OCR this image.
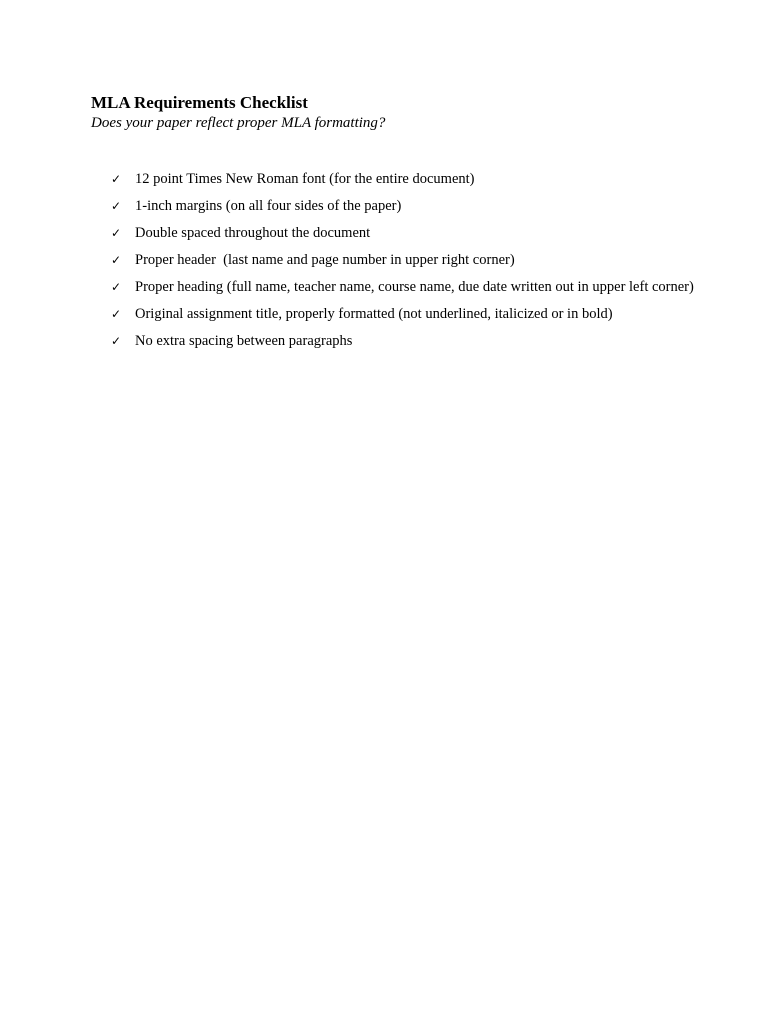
MLA Requirements Checklist
Does your paper reflect proper MLA formatting?
✓ 12 point Times New Roman font (for the entire document)
✓ 1-inch margins (on all four sides of the paper)
✓ Double spaced throughout the document
✓ Proper header  (last name and page number in upper right corner)
✓ Proper heading (full name, teacher name, course name, due date written out in upper left corner)
✓ Original assignment title, properly formatted (not underlined, italicized or in bold)
✓ No extra spacing between paragraphs
